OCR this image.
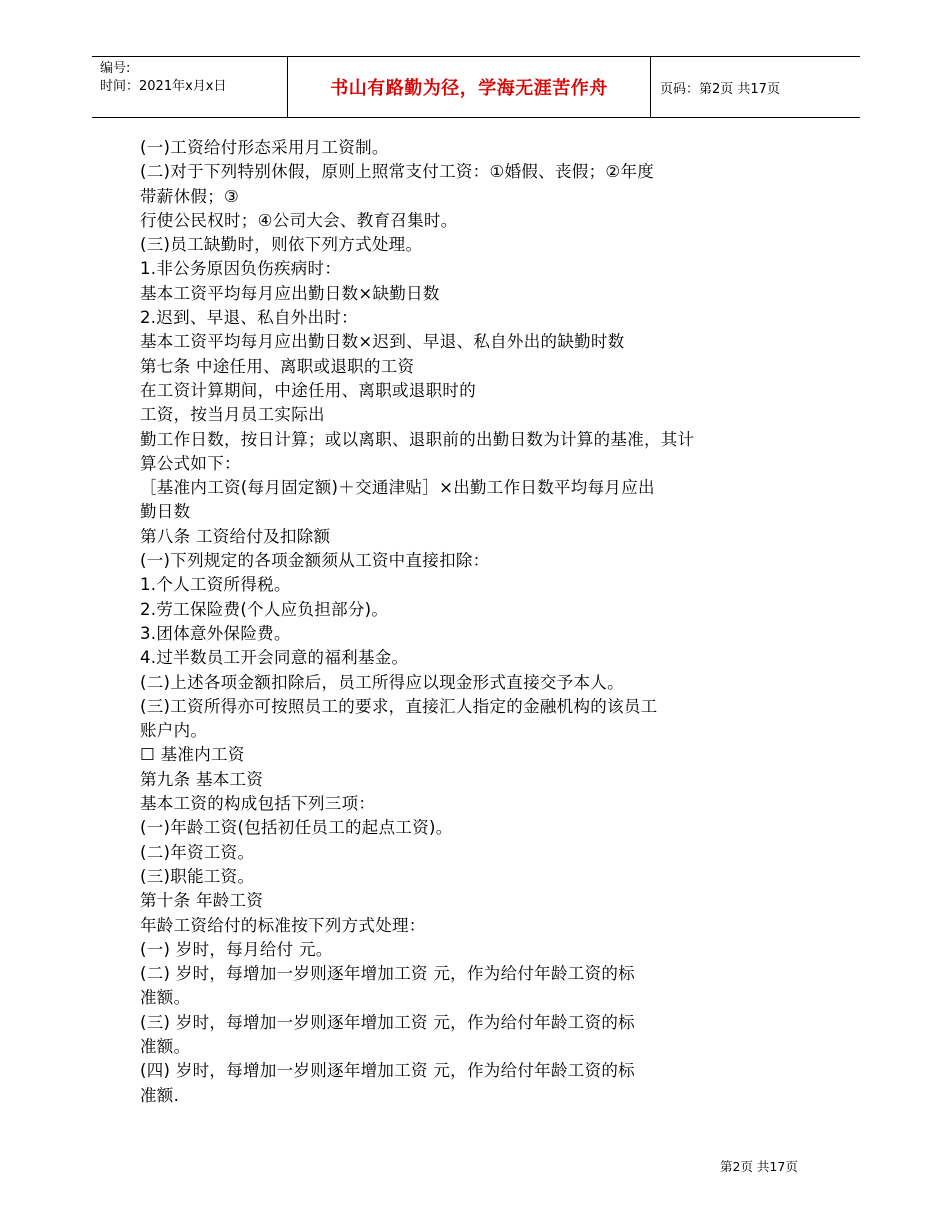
编号:
时间：2021年x月x日	书山有路勤为径，学海无涯苦作舟	页码：第2页 共17页

(一)工资给付形态采用月工资制。

(二)对于下列特别休假，原则上照常支付工资：①婚假、丧假；②年度

带薪休假；③

行使公民权时；④公司大会、教育召集时。

(三)员工缺勤时，则依下列方式处理。

1.非公务原因负伤疾病时：

基本工资平均每月应出勤日数×缺勤日数

2.迟到、早退、私自外出时：

基本工资平均每月应出勤日数×迟到、早退、私自外出的缺勤时数

第七条 中途任用、离职或退职的工资

在工资计算期间，中途任用、离职或退职时的

工资，按当月员工实际出

勤工作日数，按日计算；或以离职、退职前的出勤日数为计算的基准，其计

算公式如下：

［基准内工资(每月固定额)＋交通津贴］×出勤工作日数平均每月应出

勤日数

第八条 工资给付及扣除额

(一)下列规定的各项金额须从工资中直接扣除：

1.个人工资所得税。

2.劳工保险费(个人应负担部分)。

3.团体意外保险费。

4.过半数员工开会同意的福利基金。

(二)上述各项金额扣除后，员工所得应以现金形式直接交予本人。

(三)工资所得亦可按照员工的要求，直接汇人指定的金融机构的该员工

账户内。

☐ 基准内工资

第九条 基本工资

基本工资的构成包括下列三项：

(一)年龄工资(包括初任员工的起点工资)。

(二)年资工资。

(三)职能工资。

第十条 年龄工资

年龄工资给付的标准按下列方式处理：

(一) 岁时，每月给付 元。

(二) 岁时，每增加一岁则逐年增加工资 元，作为给付年龄工资的标

准额。

(三) 岁时，每增加一岁则逐年增加工资 元，作为给付年龄工资的标

准额。

(四) 岁时，每增加一岁则逐年增加工资 元，作为给付年龄工资的标

准额.

第2页 共17页
